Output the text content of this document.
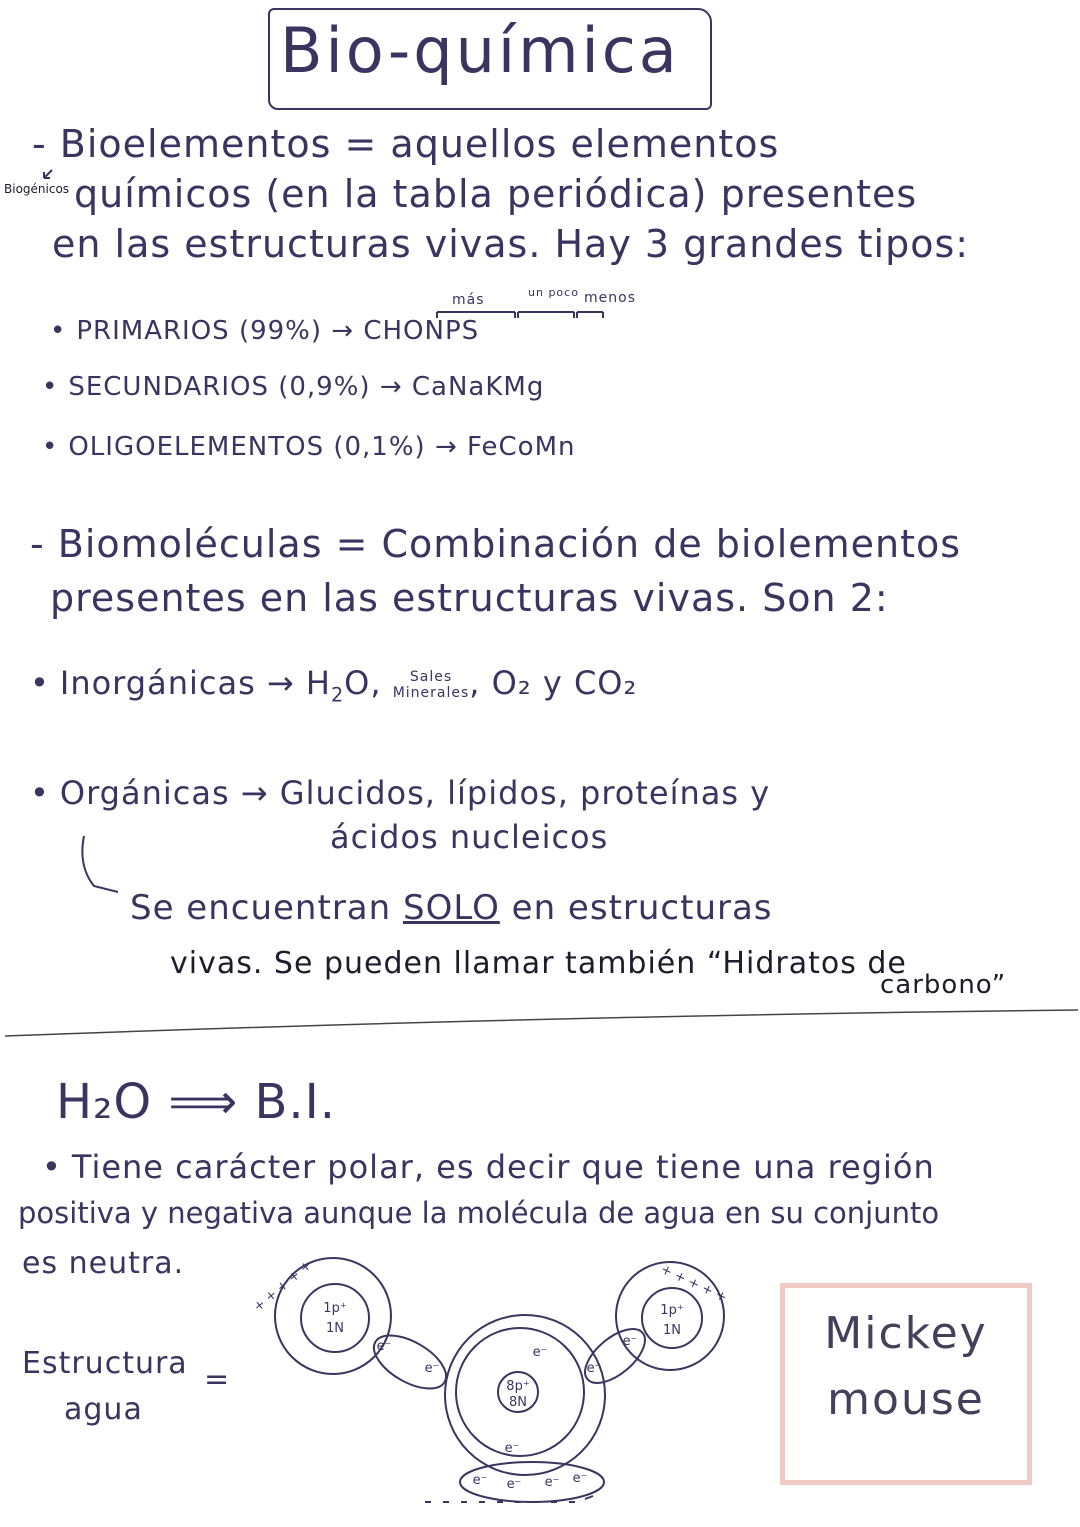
Bio-química
- Bioelementos = aquellos elementos
Biogénicos químicos (en la tabla periódica) presentes
en las estructuras vivas. Hay 3 grandes tipos:
más	un poco menos
• PRIMARIOS (99%) → CHONPS
• SECUNDARIOS (0,9%) → CaNaKMg
• OLIGOELEMENTOS (0,1%) → FeCoMn
- Biomoléculas = Combinación de biolementos
presentes en las estructuras vivas. Son 2:
• Inorgánicas → $H_2O$, Sales
Minerales, O₂ y CO₂
• Orgánicas → Glucidos, lípidos, proteínas y
ácidos nucleicos
Se encuentran SOLO en estructuras
vivas. Se pueden llamar también “Hidratos de
carbono”
H₂O ⟹ B.I.
• Tiene carácter polar, es decir que tiene una región
positiva y negativa aunque la molécula de agua en su conjunto
es neutra.
Estructura
agua
=
1p⁺
1N
1p⁺
1N
8p⁺
8N
e⁻
e⁻
e⁻
e⁻
e⁻
e⁻
e⁻ e⁻ e⁻ e⁻
+ + + + +	+ + + + +
Mickey
mouse
